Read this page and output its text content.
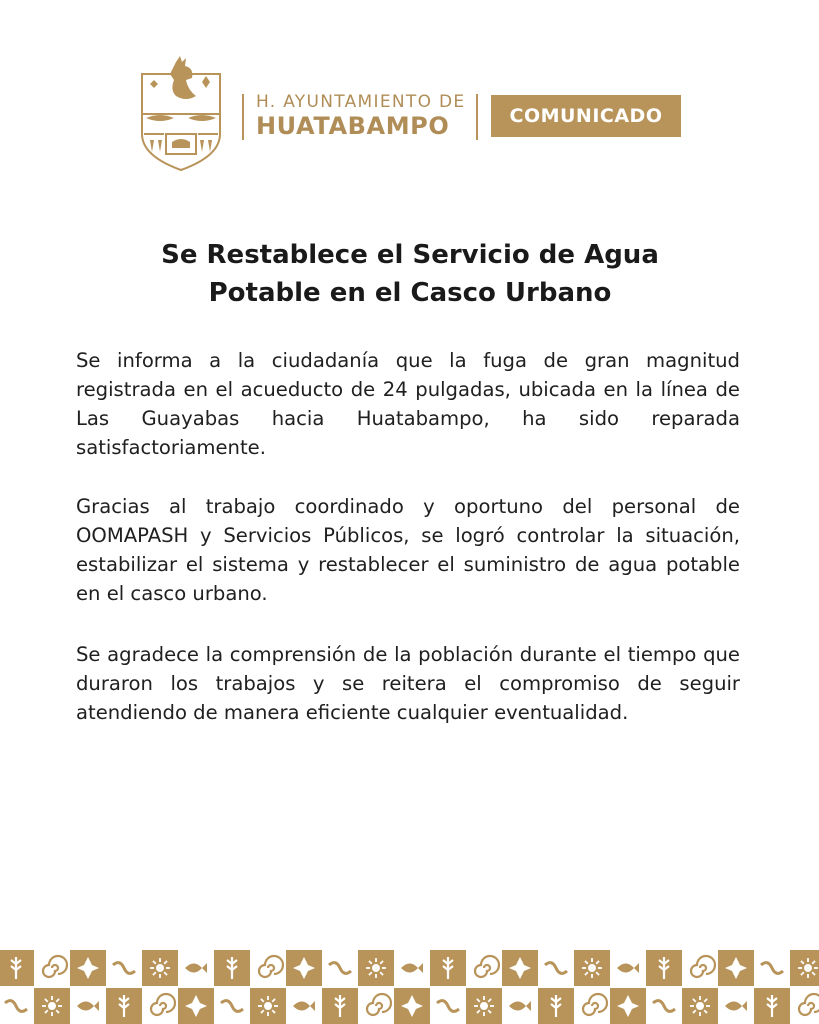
H. AYUNTAMIENTO DE
HUATABAMPO	COMUNICADO
Se Restablece el Servicio de Agua
Potable en el Casco Urbano

Se informa a la ciudadanía que la fuga de gran magnitud registrada en el acueducto de 24 pulgadas, ubicada en la línea de Las Guayabas hacia Huatabampo, ha sido reparada satisfactoriamente.

Gracias al trabajo coordinado y oportuno del personal de OOMAPASH y Servicios Públicos, se logró controlar la situación, estabilizar el sistema y restablecer el suministro de agua potable en el casco urbano.

Se agradece la comprensión de la población durante el tiempo que duraron los trabajos y se reitera el compromiso de seguir atendiendo de manera eficiente cualquier eventualidad.
